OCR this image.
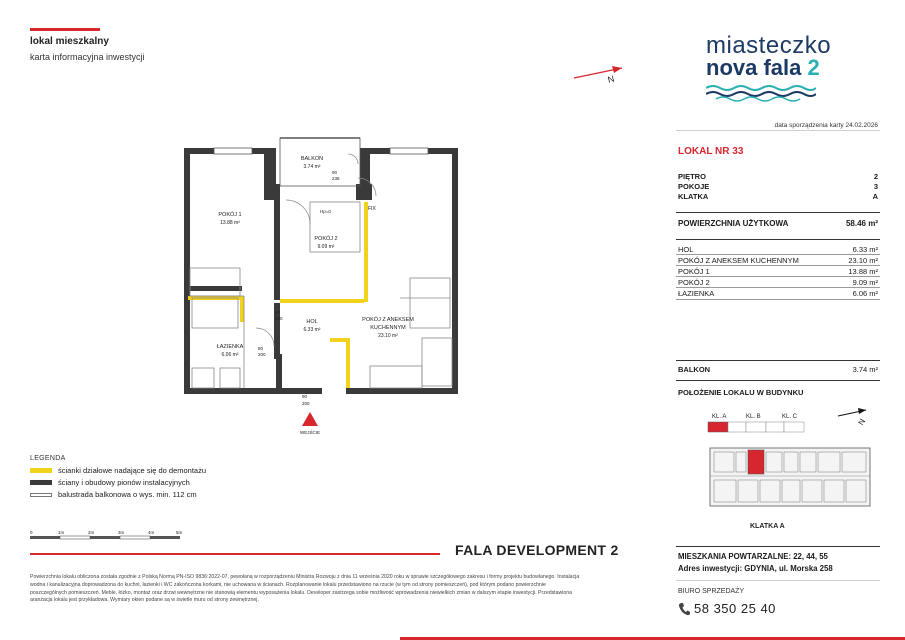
lokal mieszkalny
karta informacyjna inwestycji
N
miasteczko
nova fala 2
data sporządzenia karty 24.02.2026
LOKAL NR 33
PIĘTRO	2
POKOJE	3
KLATKA	A
POWIERZCHNIA UŻYTKOWA	58.46 m²
HOL	6.33 m²
POKÓJ Z ANEKSEM KUCHENNYM	23.10 m²
POKÓJ 1	13.88 m²
POKÓJ 2	9.09 m²
ŁAZIENKA	6.06 m²
BALKON	3.74 m²
POŁOŻENIE LOKALU W BUDYNKU
KL. A	KL. B	KL. C
N
KLATKA A
MIESZKANIA POWTARZALNE: 22, 44, 55
Adres inwestycji: GDYNIA, ul. Morska 258
BIURO SPRZEDAŻY
58 350 25 40
BALKON
3.74 m²
POKÓJ 1
13.88 m²
POKÓJ 2
9.09 m²
HOL
6.33 m²
POKÓJ Z ANEKSEM
KUCHENNYM
23.10 m²
ŁAZIENKA
6.06 m²
FIX
Hp=0
90
236
80
200
80
200
90
200
WEJŚCIE
LEGENDA
ścianki działowe nadające się do demontażu
ściany i obudowy pionów instalacyjnych
balustrada balkonowa o wys. min. 112 cm
0	1m	2m	3m	4m	5m
FALA DEVELOPMENT 2
Powierzchnia lokalu obliczona została zgodnie z Polską Normą PN-ISO 9836:2022-07, pewołaną w rozporządzeniu Ministra Rozwoju z dnia 11 września 2020 roku w sprawie szczegółowego zakresu i formy projektu budowlanego. Instalacja wodna i kanalizacyjna doprowadzona do kuchni, łazienki i WC zakończona korkami, nie uchowana w ścianach. Rozplanowanie lokalu przedstawiono na rzucie (w tym od strony pomieszczeń), pod którym podano powierzchnie poszczególnych pomieszczeń. Meble, łóżko, montaż oraz drzwi wewnętrzne nie stanowią elementu wyposażenia lokalu. Developer zastrzega sobie możliwość wprowadzenia niewielkich zmian w dalszym etapie inwestycji. Przedstawiona aranżacja lokalu jest przykładowa. Wymiary okien podane są w świetle muru od strony zewnętrznej.
